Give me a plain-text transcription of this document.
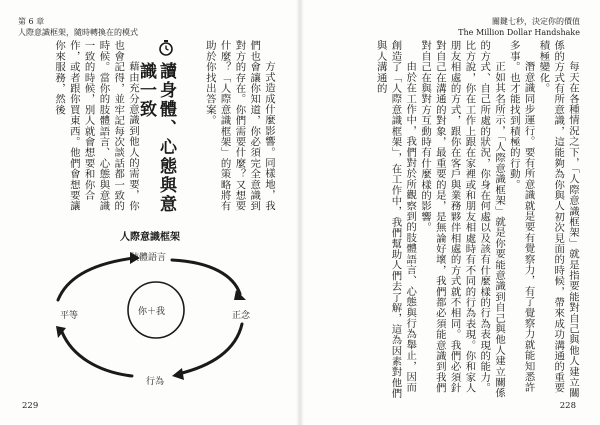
第 6 章
人際意識框架，隨時轉換在的模式

方式造成什麼影響。同樣地，我們也會讓你知道，你必須完全意識到對方的存在。你們需要什麼？又想要什麼？「人際意識框架」的策略將有助於你找出答案。

讀身體、心態與意識一致

藉由充分意識到他人的需要，你也會記得，並牢記每次談話都一致的時候。當你的肢體語言、心態與意識一致的時候，別人就會想要和你合作，或者跟你買東西。他們會想要讓你來服務，然後

人際意識框架
肢體語言
你＋我
平等	正念
行為
229
關鍵七秒，決定你的價值
The Million Dollar Handshake

每天在各種情況之下，「人際意識框架」就是指要能對自己與他人建立關係的方式有所意識，這能夠為你與人初次見面的時候，帶來成功溝通的重要積極變化。

潛意識同步運行。要有所意識就是要有覺察力，有了覺察力就能知悉許多事。也才能找到積極的行動。

正如其名所示，「人際意識框架」就是你要能意識到自己與他人建立關係的方式、自己所處的狀況，你身在何處以及該有什麼樣的行為表現的能力。比方說，你在工作上跟在家裡或和朋友相處時有不同的行為表現。你和家人朋友相處的方式，跟你在客戶與業務夥伴相處的方式就不相同。我們必須針對自己在溝通的對象，最重要的是，是無論好壞，我們都必須能意識到我們對自己在與對方互動時有什麼樣的影響。

由於在工作中，我們對於所觀察到的肢體語言、心態與行為舉止，因而創造了「人際意識框架」，在工作中，我們幫助人們去了解，這為因素對他們與人溝通的

228
